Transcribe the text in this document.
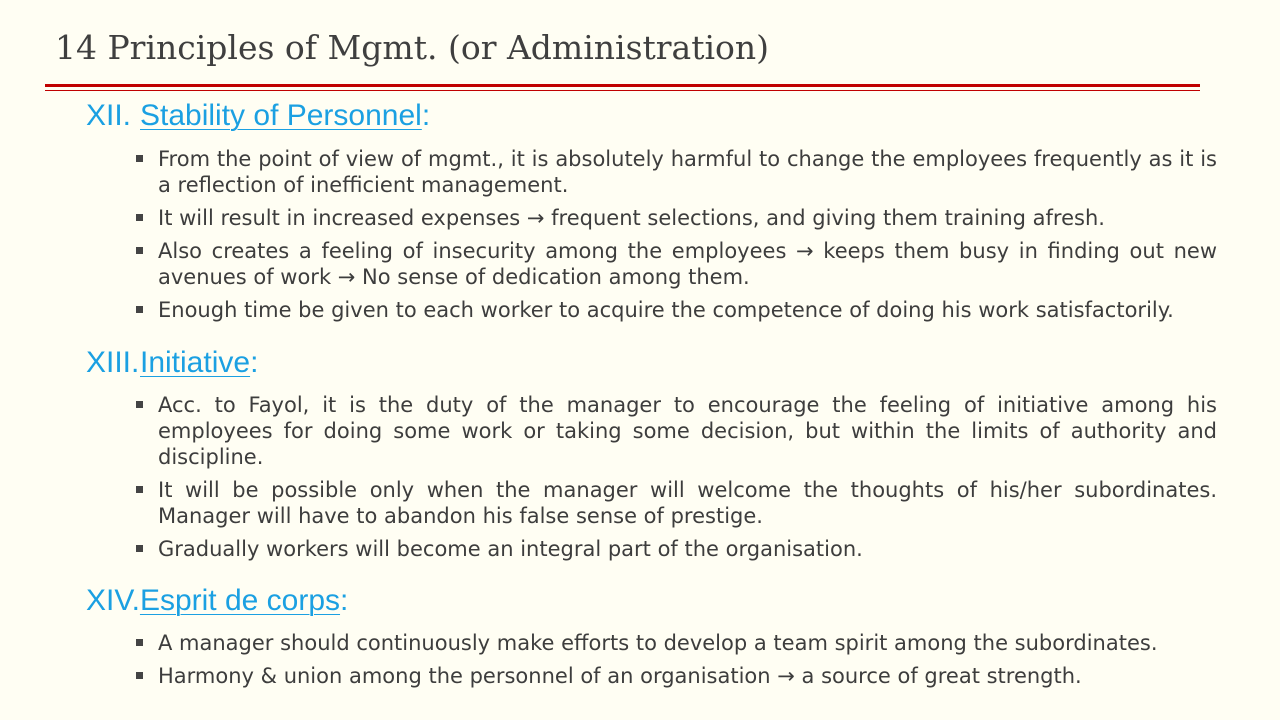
14 Principles of Mgmt. (or Administration)
XII. Stability of Personnel:
From the point of view of mgmt., it is absolutely harmful to change the employees frequently as it is a reflection of inefficient management.
It will result in increased expenses → frequent selections, and giving them training afresh.
Also creates a feeling of insecurity among the employees → keeps them busy in finding out new avenues of work → No sense of dedication among them.
Enough time be given to each worker to acquire the competence of doing his work satisfactorily.
XIII.Initiative:
Acc. to Fayol, it is the duty of the manager to encourage the feeling of initiative among his employees for doing some work or taking some decision, but within the limits of authority and discipline.
It will be possible only when the manager will welcome the thoughts of his/her subordinates. Manager will have to abandon his false sense of prestige.
Gradually workers will become an integral part of the organisation.
XIV.Esprit de corps:
A manager should continuously make efforts to develop a team spirit among the subordinates.
Harmony & union among the personnel of an organisation → a source of great strength.
